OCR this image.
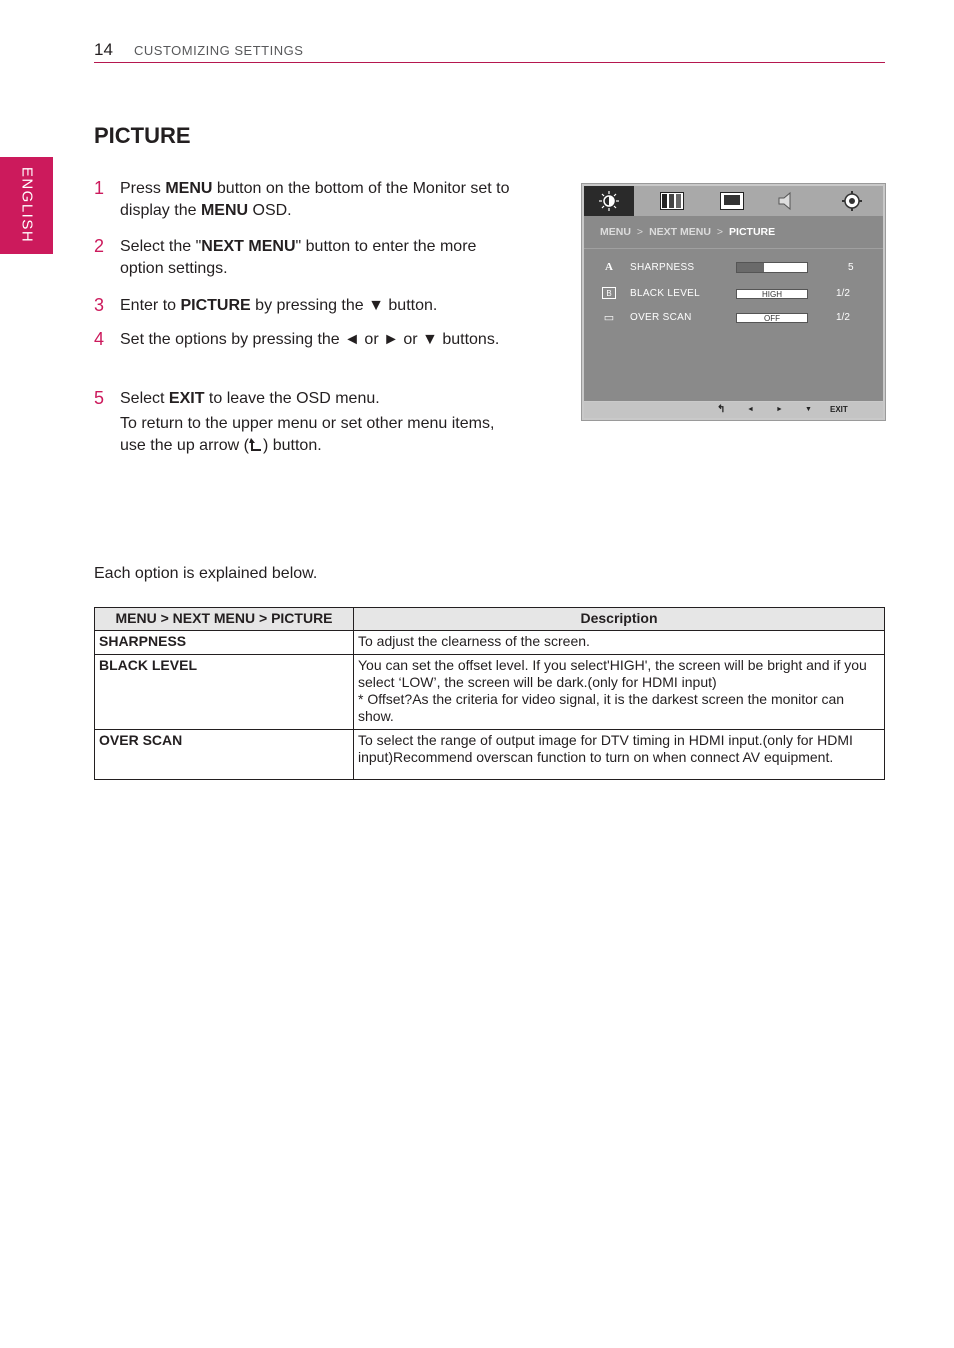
14 CUSTOMIZING SETTINGS
ENGLISH
PICTURE
1 Press MENU button on the bottom of the Monitor set to display the MENU OSD.
2 Select the "NEXT MENU" button to enter the more option settings.
3 Enter to PICTURE by pressing the ▼ button.
4 Set the options by pressing the ◄ or ► or ▼ buttons.
5 Select EXIT to leave the OSD menu.
To return to the upper menu or set other menu items, use the up arrow ( ) button.
MENU > NEXT MENU > PICTURE
A	SHARPNESS	5
B	BLACK LEVEL	HIGH	1/2
▭ OVER SCAN	OFF	1/2
↰	◄	►	▼ EXIT
Each option is explained below.
MENU > NEXT MENU > PICTURE	Description
SHARPNESS	To adjust the clearness of the screen.

BLACK LEVEL	You can set the offset level. If you select'HIGH', the screen will be bright and if you select ‘LOW’, the screen will be dark.(only for HDMI input)
* Offset?As the criteria for video signal, it is the darkest screen the monitor can show.

OVER SCAN	To select the range of output image for DTV timing in HDMI input.(only for HDMI input)Recommend overscan function to turn on when connect AV equipment.
